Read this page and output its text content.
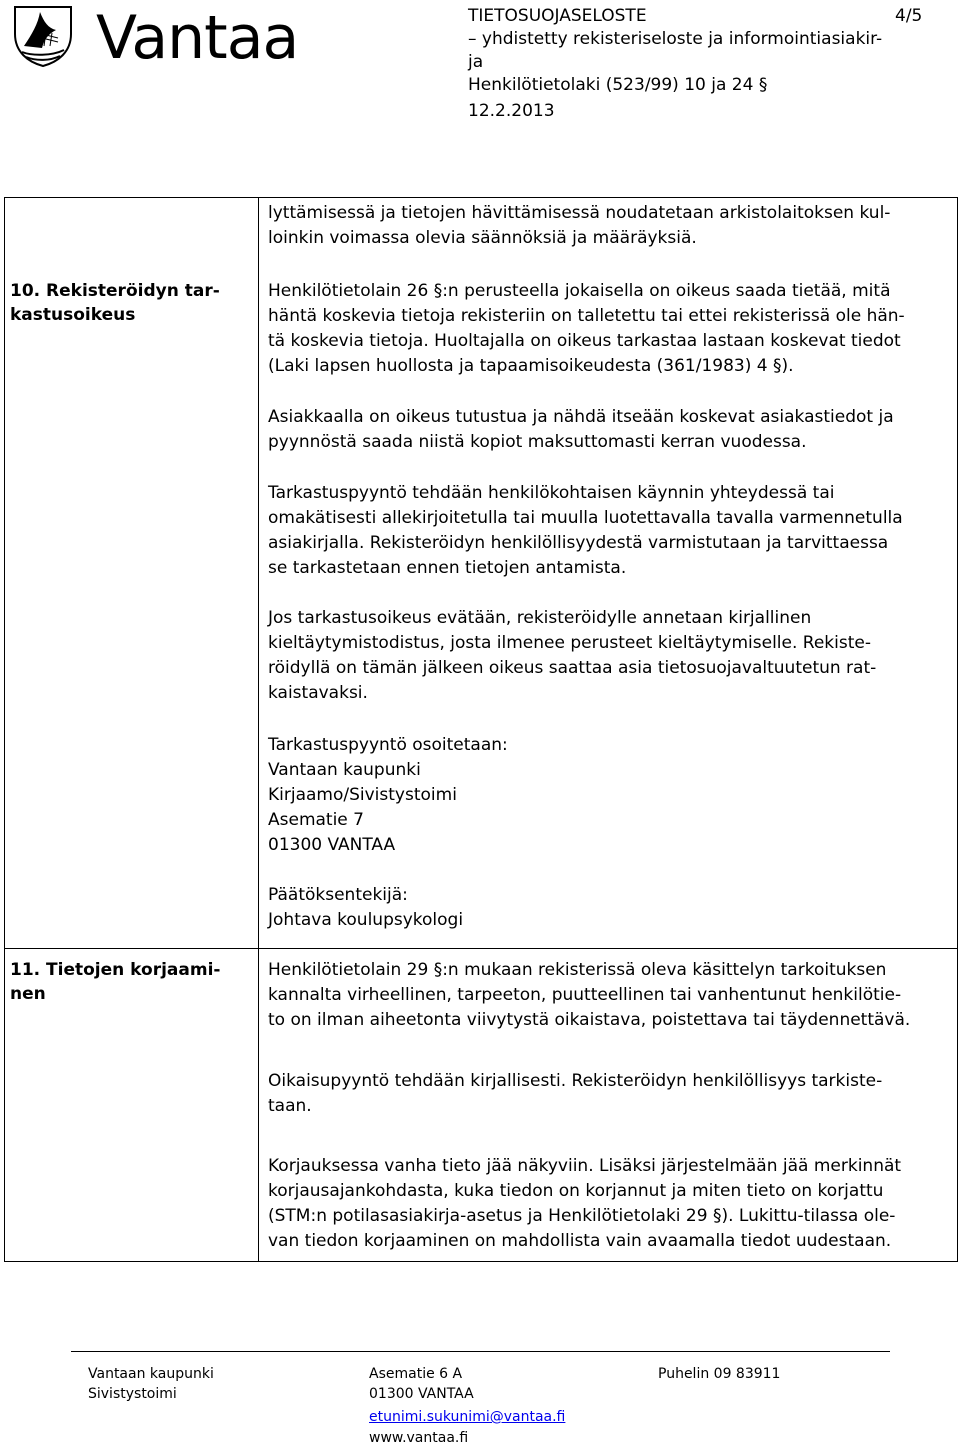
Vantaa	TIETOSUOJASELOSTE	4/5
– yhdistetty rekisteriseloste ja informointiasiakir-
ja
Henkilötietolaki (523/99) 10 ja 24 §
12.2.2013
lyttämisessä ja tietojen hävittämisessä noudatetaan arkistolaitoksen kul-
loinkin voimassa olevia säännöksiä ja määräyksiä.
10. Rekisteröidyn tar-
kastusoikeus
Henkilötietolain 26 §:n perusteella jokaisella on oikeus saada tietää, mitä
häntä koskevia tietoja rekisteriin on talletettu tai ettei rekisterissä ole hän-
tä koskevia tietoja. Huoltajalla on oikeus tarkastaa lastaan koskevat tiedot
(Laki lapsen huollosta ja tapaamisoikeudesta (361/1983) 4 §).
Asiakkaalla on oikeus tutustua ja nähdä itseään koskevat asiakastiedot ja
pyynnöstä saada niistä kopiot maksuttomasti kerran vuodessa.
Tarkastuspyyntö tehdään henkilökohtaisen käynnin yhteydessä tai
omakätisesti allekirjoitetulla tai muulla luotettavalla tavalla varmennetulla
asiakirjalla. Rekisteröidyn henkilöllisyydestä varmistutaan ja tarvittaessa
se tarkastetaan ennen tietojen antamista.
Jos tarkastusoikeus evätään, rekisteröidylle annetaan kirjallinen
kieltäytymistodistus, josta ilmenee perusteet kieltäytymiselle. Rekiste-
röidyllä on tämän jälkeen oikeus saattaa asia tietosuojavaltuutetun rat-
kaistavaksi.
Tarkastuspyyntö osoitetaan:
Vantaan kaupunki
Kirjaamo/Sivistystoimi
Asematie 7
01300 VANTAA
Päätöksentekijä:
Johtava koulupsykologi
11. Tietojen korjaami-
nen
Henkilötietolain 29 §:n mukaan rekisterissä oleva käsittelyn tarkoituksen
kannalta virheellinen, tarpeeton, puutteellinen tai vanhentunut henkilötie-
to on ilman aiheetonta viivytystä oikaistava, poistettava tai täydennettävä.
Oikaisupyyntö tehdään kirjallisesti. Rekisteröidyn henkilöllisyys tarkiste-
taan.
Korjauksessa vanha tieto jää näkyviin. Lisäksi järjestelmään jää merkinnät
korjausajankohdasta, kuka tiedon on korjannut ja miten tieto on korjattu
(STM:n potilasasiakirja-asetus ja Henkilötietolaki 29 §). Lukittu-tilassa ole-
van tiedon korjaaminen on mahdollista vain avaamalla tiedot uudestaan.
Vantaan kaupunki
Sivistystoimi
Asematie 6 A
01300 VANTAA
etunimi.sukunimi@vantaa.fi
www.vantaa.fi
Puhelin 09 83911
